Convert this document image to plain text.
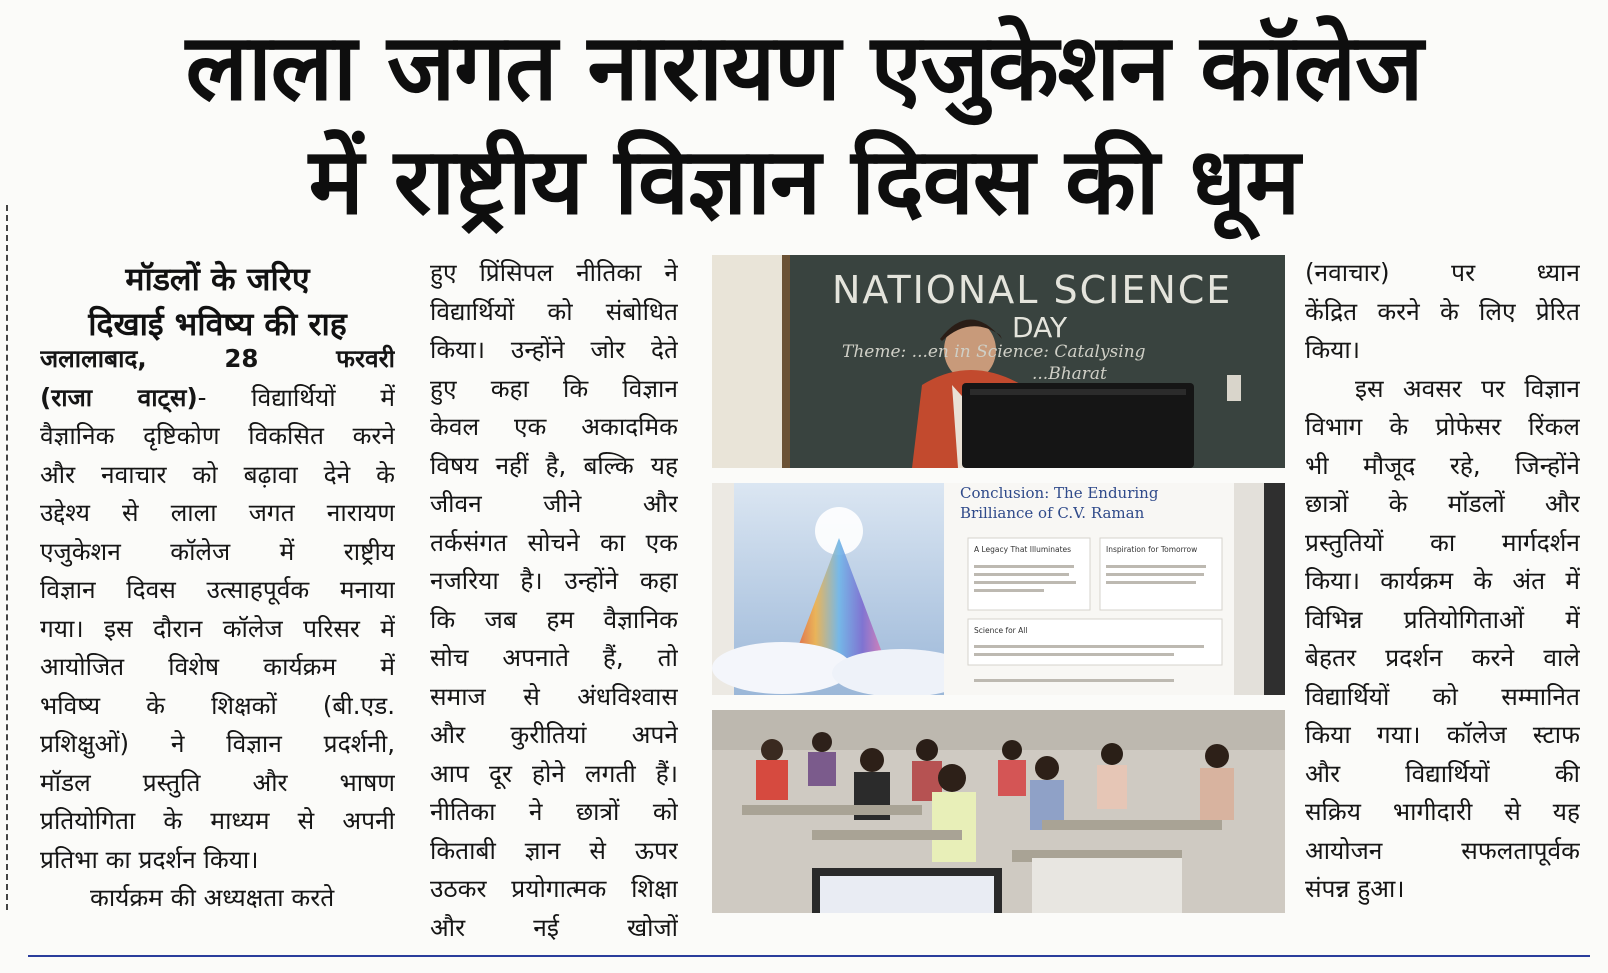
लाला जगत नारायण एजुकेशन कॉलेज
में राष्ट्रीय विज्ञान दिवस की धूम
मॉडलों के जरिए
दिखाई भविष्य की राह
जलालाबाद, 28 फरवरी
(राजा वाट्स)- विद्यार्थियों में
वैज्ञानिक दृष्टिकोण विकसित करने
और नवाचार को बढ़ावा देने के
उद्देश्य से लाला जगत नारायण
एजुकेशन कॉलेज में राष्ट्रीय
विज्ञान दिवस उत्साहपूर्वक मनाया
गया। इस दौरान कॉलेज परिसर में
आयोजित विशेष कार्यक्रम में
भविष्य के शिक्षकों (बी.एड.
प्रशिक्षुओं) ने विज्ञान प्रदर्शनी,
मॉडल प्रस्तुति और भाषण
प्रतियोगिता के माध्यम से अपनी
प्रतिभा का प्रदर्शन किया।
कार्यक्रम की अध्यक्षता करते
हुए प्रिंसिपल नीतिका ने
विद्यार्थियों को संबोधित
किया। उन्होंने जोर देते
हुए कहा कि विज्ञान
केवल एक अकादमिक
विषय नहीं है, बल्कि यह
जीवन जीने और
तर्कसंगत सोचने का एक
नजरिया है। उन्होंने कहा
कि जब हम वैज्ञानिक
सोच अपनाते हैं, तो
समाज से अंधविश्वास
और कुरीतियां अपने
आप दूर होने लगती हैं।
नीतिका ने छात्रों को
किताबी ज्ञान से ऊपर
उठकर प्रयोगात्मक शिक्षा
और नई खोजों
NATIONAL SCIENCE
DAY
Theme: ...en in Science: Catalysing
...Bharat
Conclusion: The Enduring Brilliance of C.V. Raman
A Legacy That Illuminates	Inspiration for Tomorrow
Science for All
(नवाचार) पर ध्यान
केंद्रित करने के लिए प्रेरित
किया।
इस अवसर पर विज्ञान
विभाग के प्रोफेसर रिंकल
भी मौजूद रहे, जिन्होंने
छात्रों के मॉडलों और
प्रस्तुतियों का मार्गदर्शन
किया। कार्यक्रम के अंत में
विभिन्न प्रतियोगिताओं में
बेहतर प्रदर्शन करने वाले
विद्यार्थियों को सम्मानित
किया गया। कॉलेज स्टाफ
और विद्यार्थियों की
सक्रिय भागीदारी से यह
आयोजन सफलतापूर्वक
संपन्न हुआ।
